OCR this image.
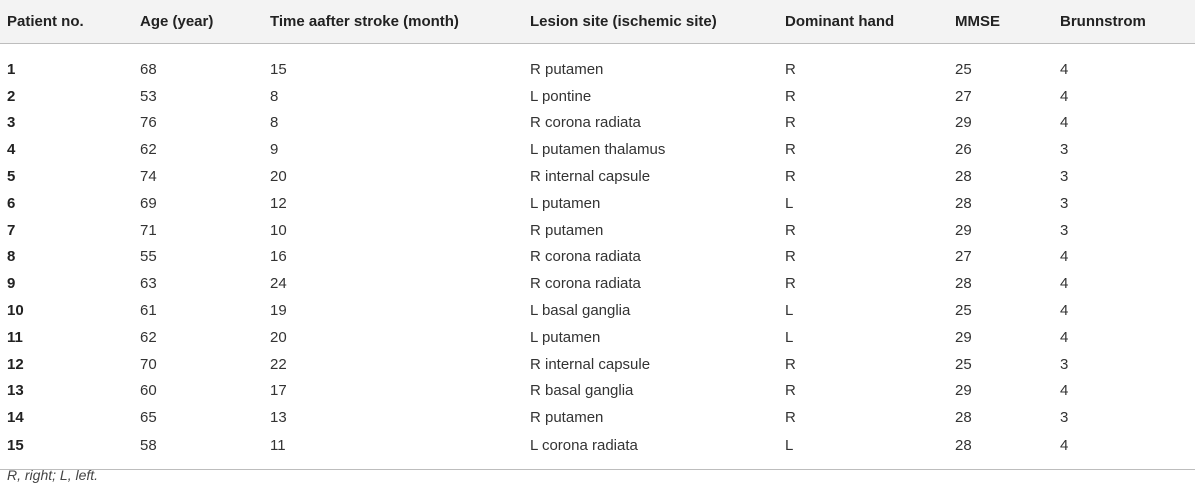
Patient no.	Age (year)	Time aafter stroke (month)	Lesion site (ischemic site)	Dominant hand	MMSE	Brunnstrom
1	68	15	R putamen	R	25	4
2	53	8	L pontine	R	27	4
3	76	8	R corona radiata	R	29	4
4	62	9	L putamen thalamus	R	26	3
5	74	20	R internal capsule	R	28	3
6	69	12	L putamen	L	28	3
7	71	10	R putamen	R	29	3
8	55	16	R corona radiata	R	27	4
9	63	24	R corona radiata	R	28	4
10	61	19	L basal ganglia	L	25	4
11	62	20	L putamen	L	29	4
12	70	22	R internal capsule	R	25	3
13	60	17	R basal ganglia	R	29	4
14	65	13	R putamen	R	28	3
15	58	11	L corona radiata	L	28	4
R, right; L, left.
